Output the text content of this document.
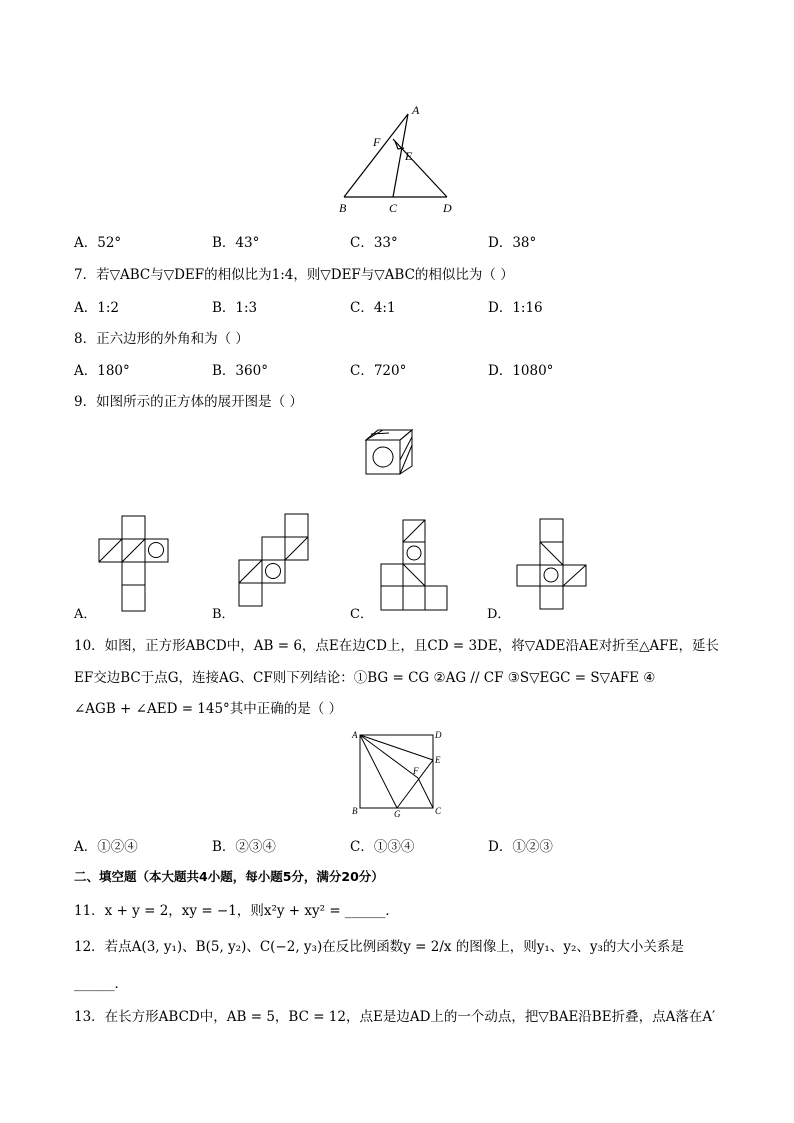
A
F
E
B	C	D
A．52°	B．43°	C．33°	D．38°
7．若▽ABC与▽DEF的相似比为1:4，则▽DEF与▽ABC的相似比为（ ）
A．1:2	B．1:3	C．4:1	D．1:16
8．正六边形的外角和为（ ）
A．180°	B．360°	C．720°	D．1080°
9．如图所示的正方体的展开图是（ ）
A．	B．	C．	D．
10．如图，正方形ABCD中，AB = 6，点E在边CD上，且CD = 3DE，将▽ADE沿AE对折至△AFE，延长
EF交边BC于点G，连接AG、CF则下列结论：①BG = CG ②AG // CF ③S▽EGC = S▽AFE ④
∠AGB + ∠AED = 145°其中正确的是（ ）
A	D
E
F
B	G	C
A．①②④	B．②③④	C．①③④	D．①②③
二、填空题（本大题共4小题，每小题5分，满分20分）
11．x + y = 2，xy = −1，则x²y + xy² = ______．
12．若点A(3, y₁)、B(5, y₂)、C(−2, y₃)在反比例函数y = 2/x 的图像上，则y₁、y₂、y₃的大小关系是
______．
13．在长方形ABCD中，AB = 5，BC = 12，点E是边AD上的一个动点，把▽BAE沿BE折叠，点A落在A′
